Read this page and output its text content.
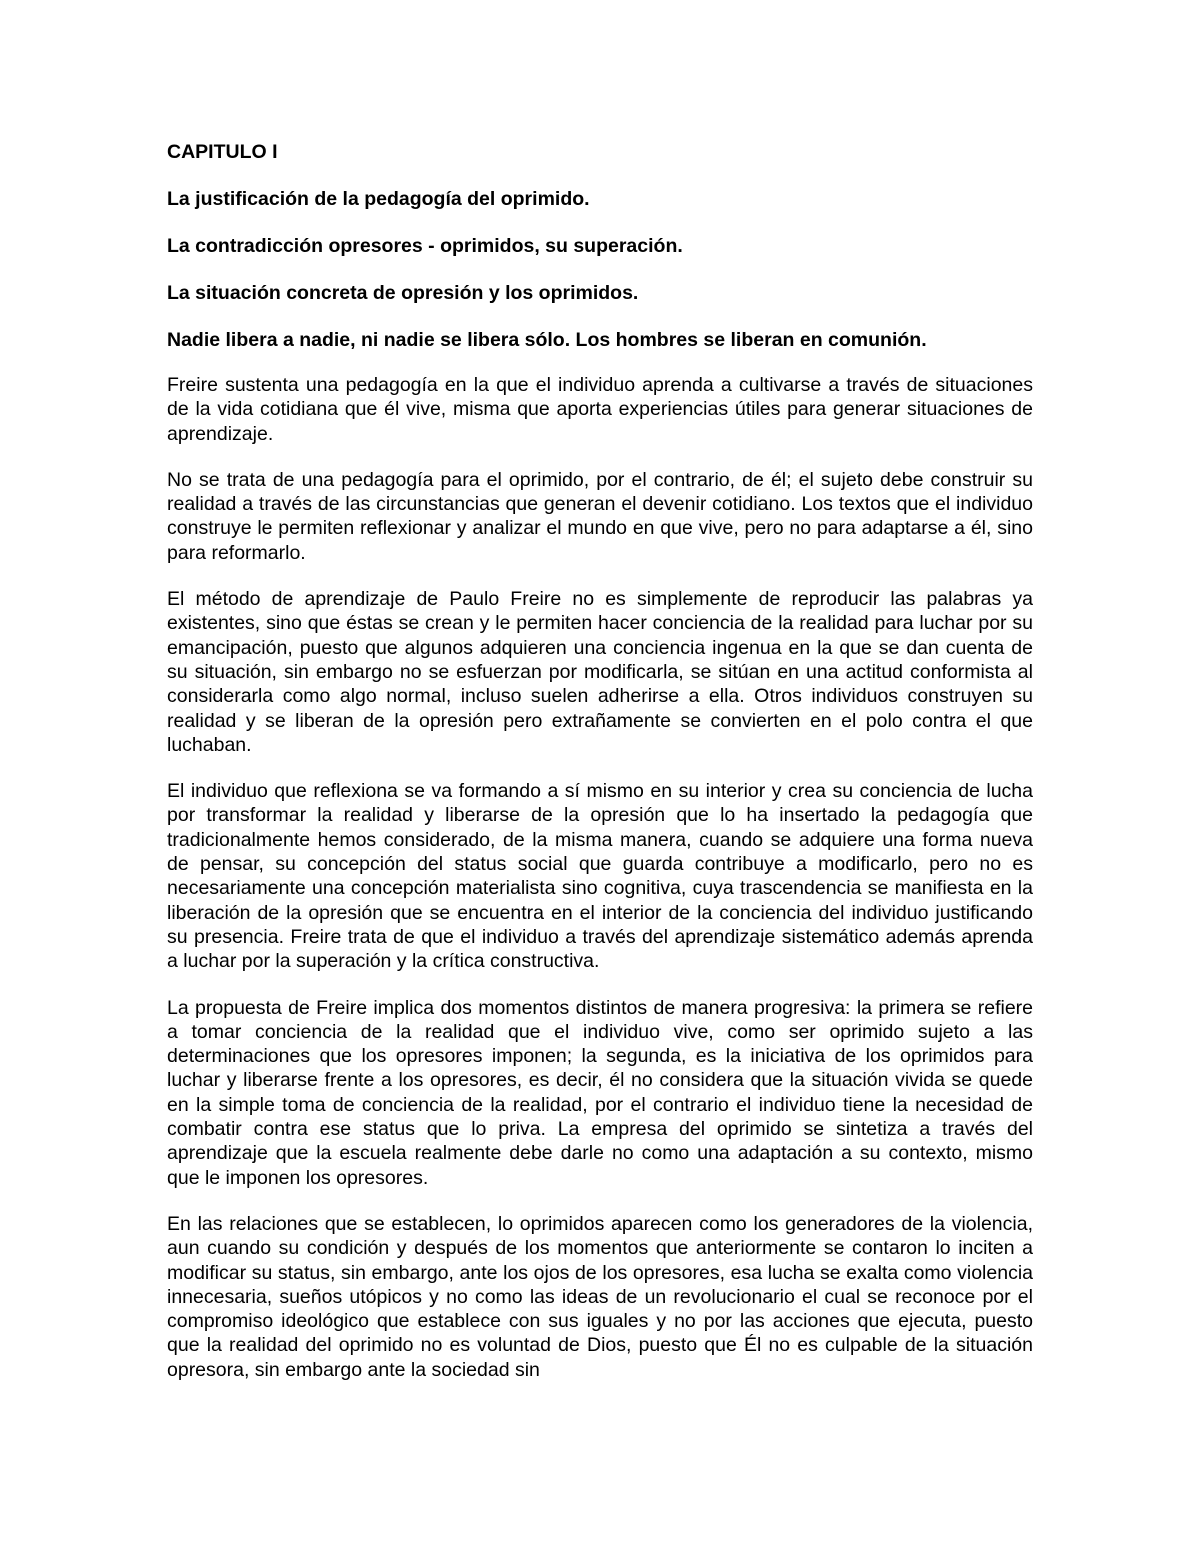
CAPITULO I
La justificación de la pedagogía del oprimido.
La contradicción opresores - oprimidos, su superación.
La situación concreta de opresión y los oprimidos.
Nadie libera a nadie, ni nadie se libera sólo. Los hombres se liberan en comunión.

Freire sustenta una pedagogía en la que el individuo aprenda a cultivarse a través de situaciones de la vida cotidiana que él vive, misma que aporta experiencias útiles para generar situaciones de aprendizaje.

No se trata de una pedagogía para el oprimido, por el contrario, de él; el sujeto debe construir su realidad a través de las circunstancias que generan el devenir cotidiano. Los textos que el individuo construye le permiten reflexionar y analizar el mundo en que vive, pero no para adaptarse a él, sino para reformarlo.

El método de aprendizaje de Paulo Freire no es simplemente de reproducir las palabras ya existentes, sino que éstas se crean y le permiten hacer conciencia de la realidad para luchar por su emancipación, puesto que algunos adquieren una conciencia ingenua en la que se dan cuenta de su situación, sin embargo no se esfuerzan por modificarla, se sitúan en una actitud conformista al considerarla como algo normal, incluso suelen adherirse a ella. Otros individuos construyen su realidad y se liberan de la opresión pero extrañamente se convierten en el polo contra el que luchaban.

El individuo que reflexiona se va formando a sí mismo en su interior y crea su conciencia de lucha por transformar la realidad y liberarse de la opresión que lo ha insertado la pedagogía que tradicionalmente hemos considerado, de la misma manera, cuando se adquiere una forma nueva de pensar, su concepción del status social que guarda contribuye a modificarlo, pero no es necesariamente una concepción materialista sino cognitiva, cuya trascendencia se manifiesta en la liberación de la opresión que se encuentra en el interior de la conciencia del individuo justificando su presencia. Freire trata de que el individuo a través del aprendizaje sistemático además aprenda a luchar por la superación y la crítica constructiva.

La propuesta de Freire implica dos momentos distintos de manera progresiva: la primera se refiere a tomar conciencia de la realidad que el individuo vive, como ser oprimido sujeto a las determinaciones que los opresores imponen; la segunda, es la iniciativa de los oprimidos para luchar y liberarse frente a los opresores, es decir, él no considera que la situación vivida se quede en la simple toma de conciencia de la realidad, por el contrario el individuo tiene la necesidad de combatir contra ese status que lo priva. La empresa del oprimido se sintetiza a través del aprendizaje que la escuela realmente debe darle no como una adaptación a su contexto, mismo que le imponen los opresores.

En las relaciones que se establecen, lo oprimidos aparecen como los generadores de la violencia, aun cuando su condición y después de los momentos que anteriormente se contaron lo inciten a modificar su status, sin embargo, ante los ojos de los opresores, esa lucha se exalta como violencia innecesaria, sueños utópicos y no como las ideas de un revolucionario el cual se reconoce por el compromiso ideológico que establece con sus iguales y no por las acciones que ejecuta, puesto que la realidad del oprimido no es voluntad de Dios, puesto que Él no es culpable de la situación opresora, sin embargo ante la sociedad sin
